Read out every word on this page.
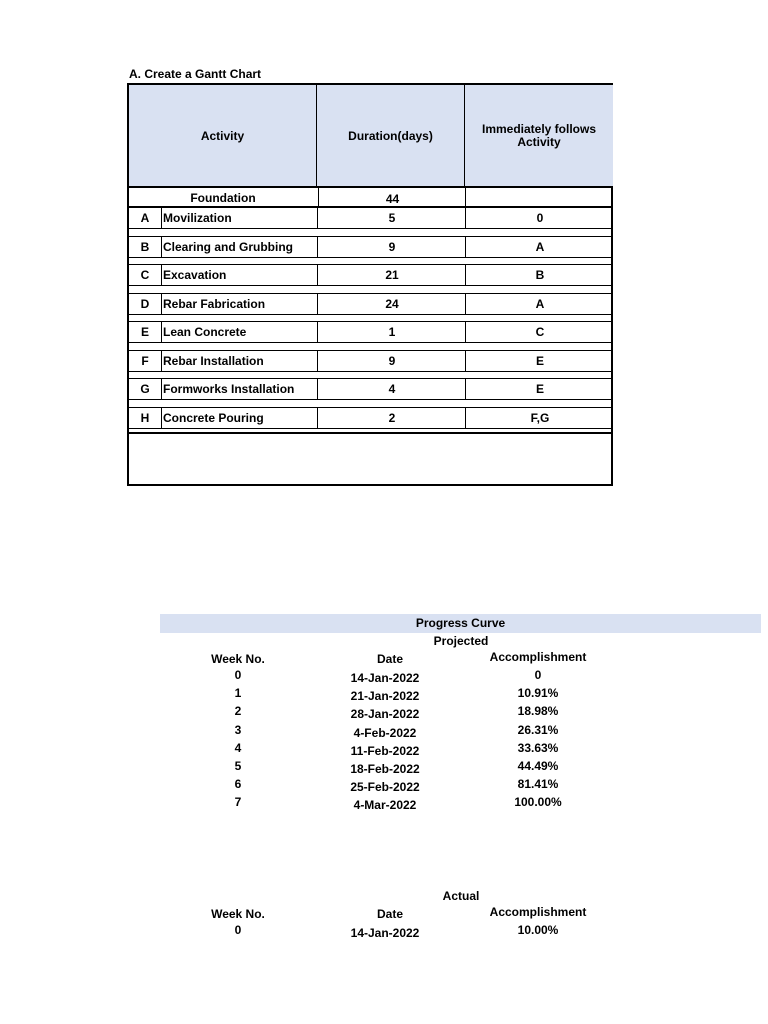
A. Create a Gantt Chart
Activity	Duration(days)	Immediately follows
Activity
Foundation	44
A	Movilization	5	0
B	Clearing and Grubbing	9	A
C	Excavation	21	B
D	Rebar Fabrication	24	A
E	Lean Concrete	1	C
F	Rebar Installation	9	E
G	Formworks Installation	4	E
H	Concrete Pouring	2	F,G
Progress Curve
Projected
Week No.	Date	Accomplishment
0	14-Jan-2022	0
1	21-Jan-2022	10.91%
2	28-Jan-2022	18.98%
3	4-Feb-2022	26.31%
4	11-Feb-2022	33.63%
5	18-Feb-2022	44.49%
6	25-Feb-2022	81.41%
7	4-Mar-2022	100.00%
Actual
Week No.	Date	Accomplishment
0	14-Jan-2022	10.00%
